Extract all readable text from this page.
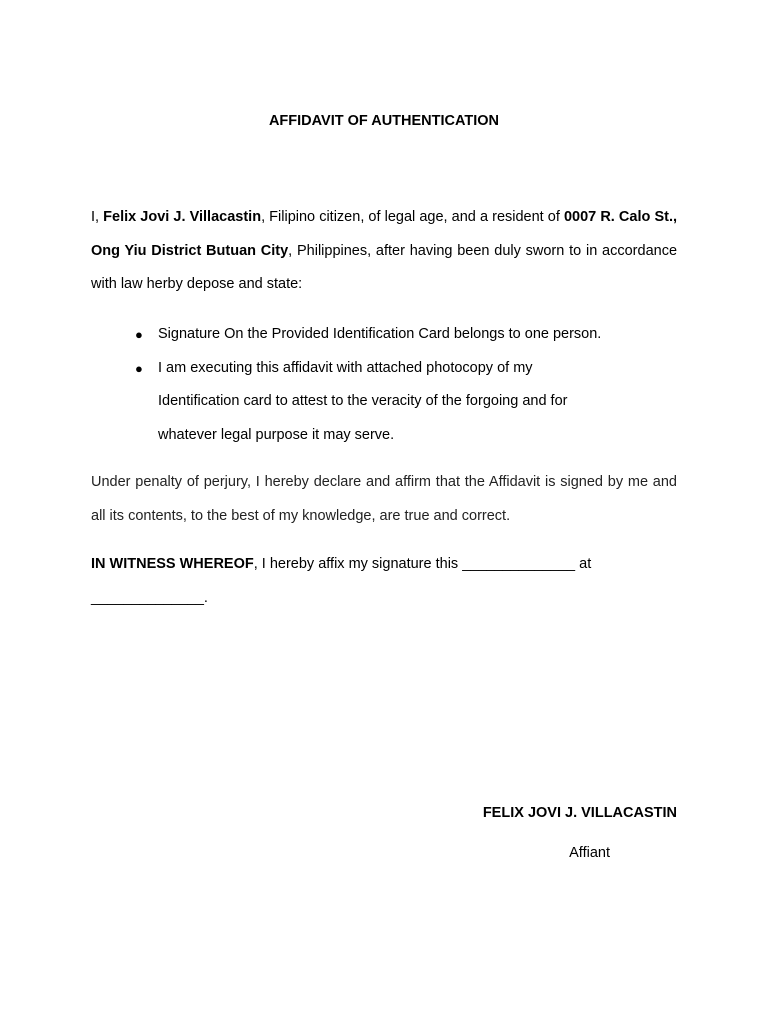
AFFIDAVIT OF AUTHENTICATION
I, Felix Jovi J. Villacastin, Filipino citizen, of legal age, and a resident of 0007 R. Calo St., Ong Yiu District Butuan City, Philippines, after having been duly sworn to in accordance with law herby depose and state:
● Signature On the Provided Identification Card belongs to one person.
● I am executing this affidavit with attached photocopy of my Identification card to attest to the veracity of the forgoing and for whatever legal purpose it may serve.
Under penalty of perjury, I hereby declare and affirm that the Affidavit is signed by me and all its contents, to the best of my knowledge, are true and correct.
IN WITNESS WHEREOF, I hereby affix my signature this ______________ at ______________.
FELIX JOVI J. VILLACASTIN
Affiant
